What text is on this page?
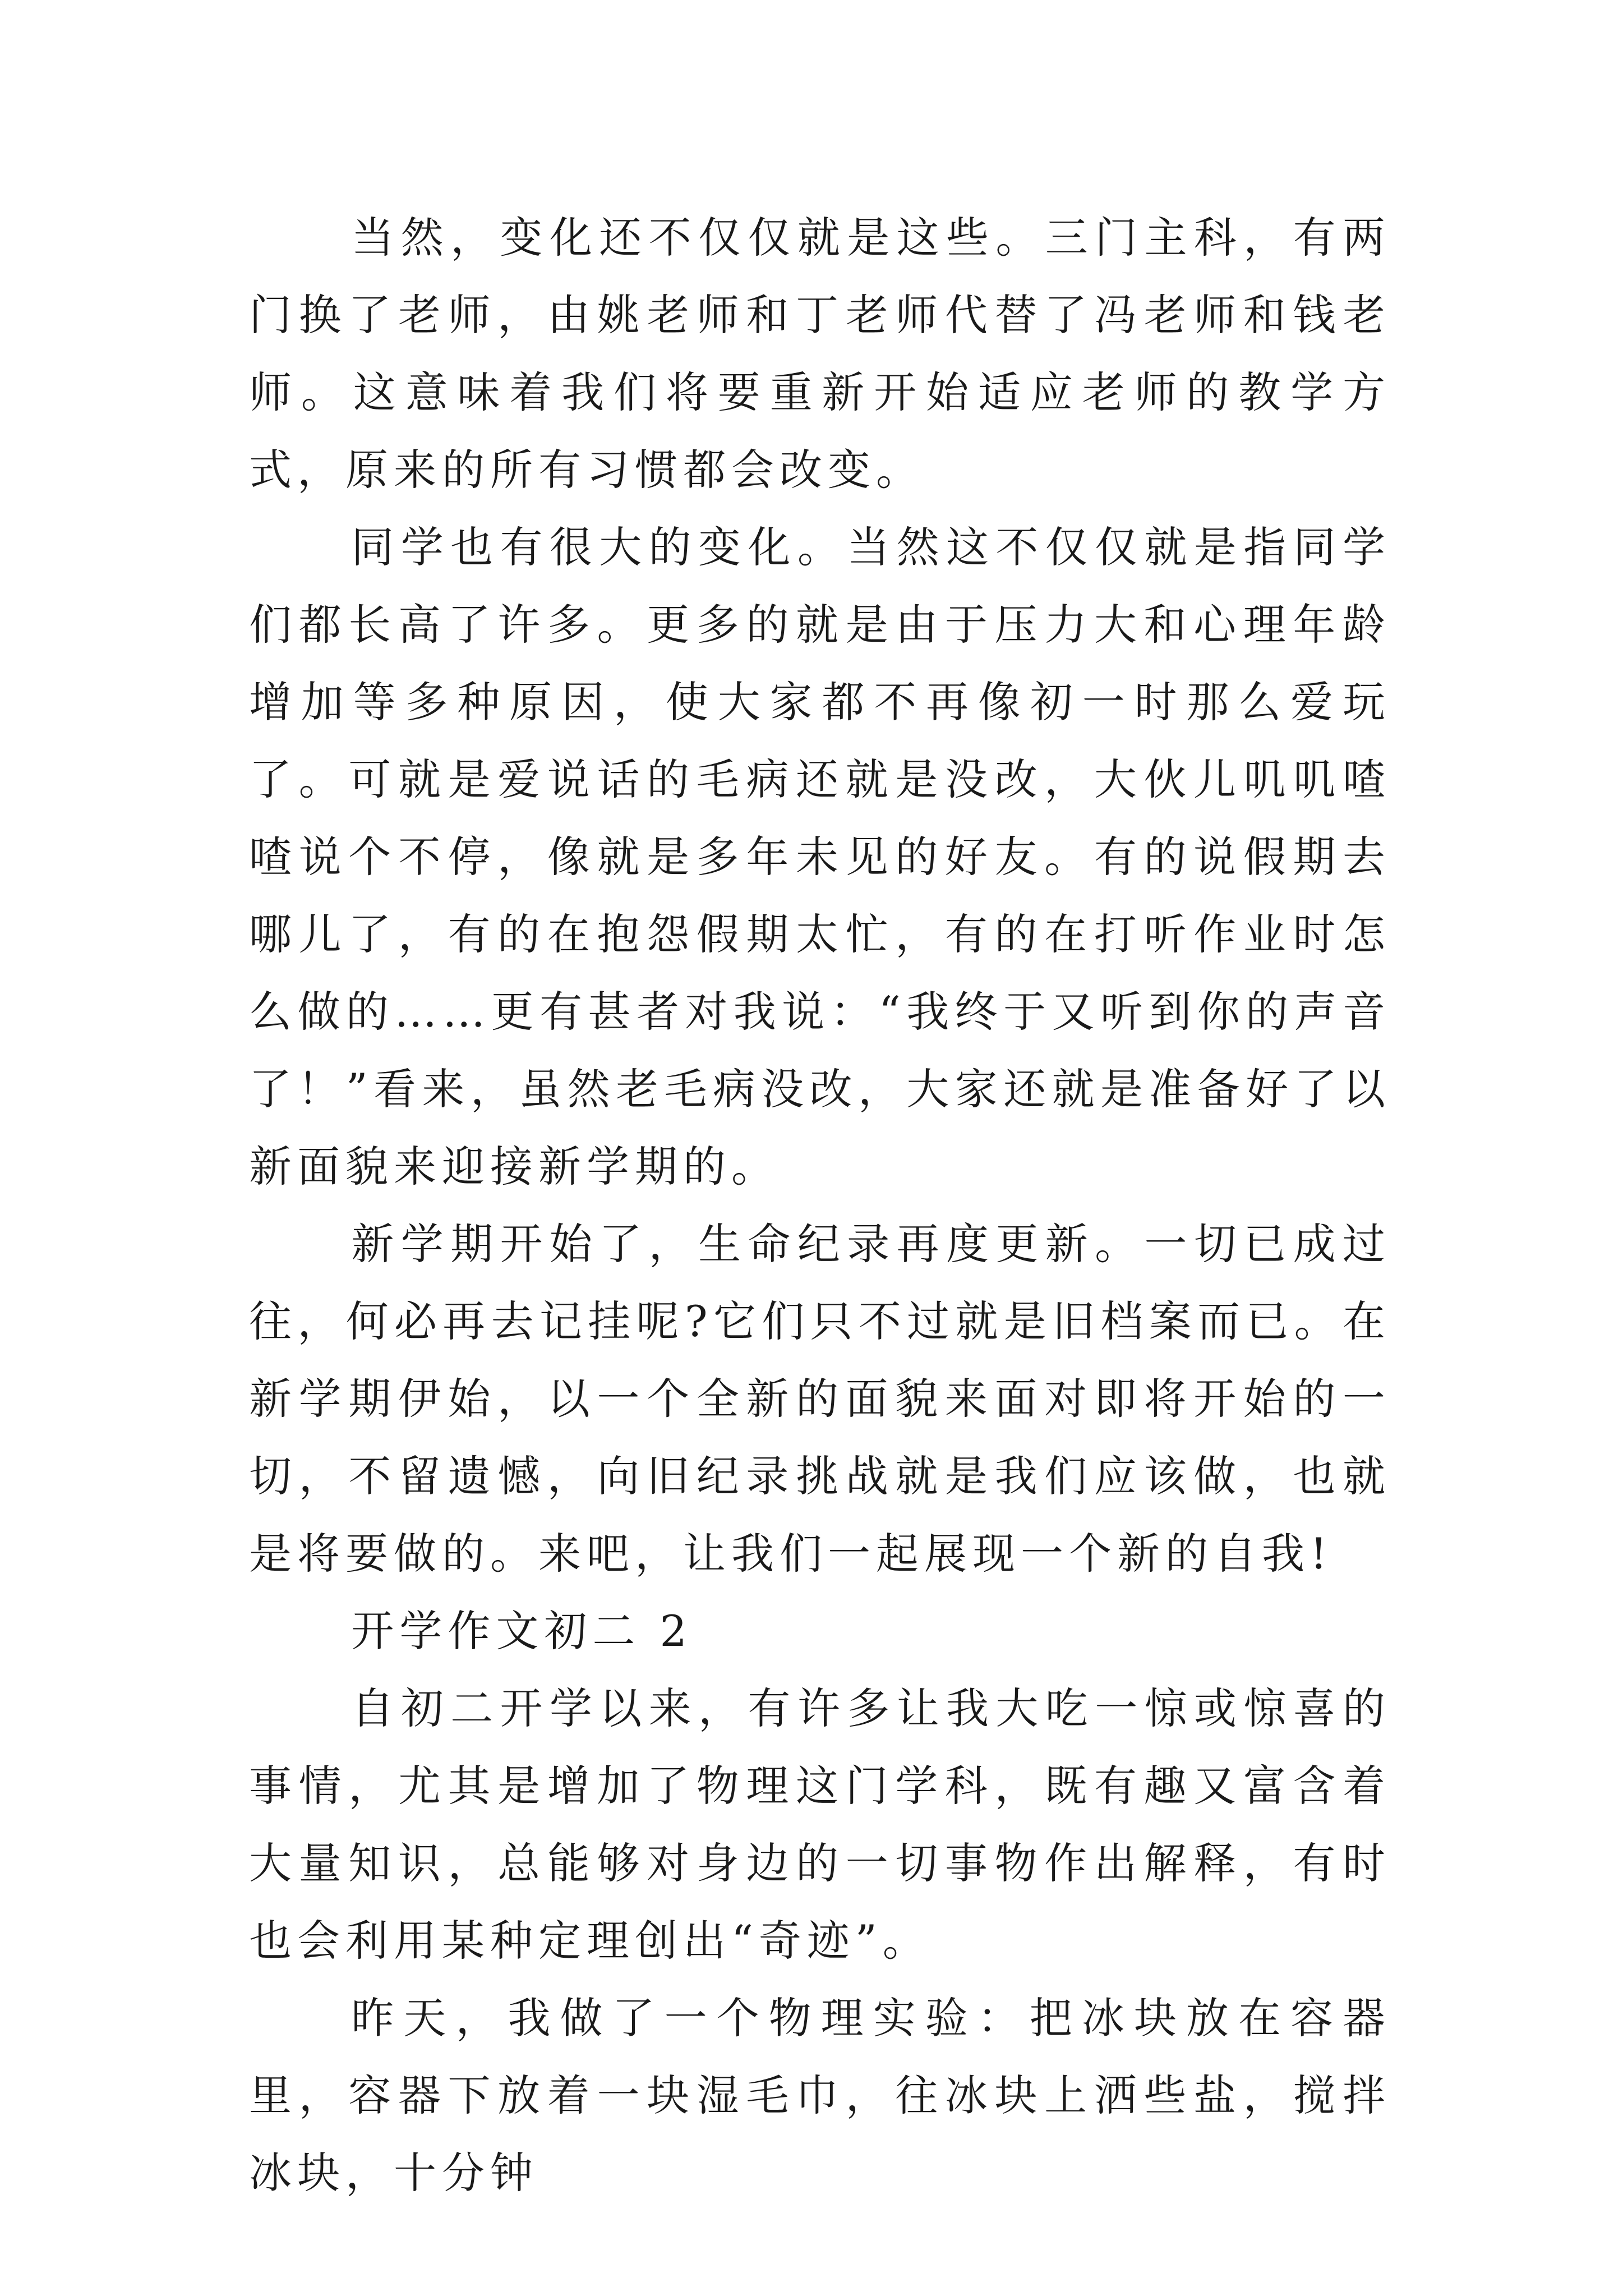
当然，变化还不仅仅就是这些。三门主科，有两门换了老师，由姚老师和丁老师代替了冯老师和钱老师。这意味着我们将要重新开始适应老师的教学方式，原来的所有习惯都会改变。

同学也有很大的变化。当然这不仅仅就是指同学们都长高了许多。更多的就是由于压力大和心理年龄增加等多种原因，使大家都不再像初一时那么爱玩了。可就是爱说话的毛病还就是没改，大伙儿叽叽喳喳说个不停，像就是多年未见的好友。有的说假期去哪儿了，有的在抱怨假期太忙，有的在打听作业时怎么做的……更有甚者对我说：“我终于又听到你的声音了！”看来，虽然老毛病没改，大家还就是准备好了以新面貌来迎接新学期的。

新学期开始了，生命纪录再度更新。一切已成过往，何必再去记挂呢?它们只不过就是旧档案而已。在新学期伊始，以一个全新的面貌来面对即将开始的一切，不留遗憾，向旧纪录挑战就是我们应该做，也就是将要做的。来吧，让我们一起展现一个新的自我!

开学作文初二 2

自初二开学以来，有许多让我大吃一惊或惊喜的事情，尤其是增加了物理这门学科，既有趣又富含着大量知识，总能够对身边的一切事物作出解释，有时也会利用某种定理创出“奇迹”。

昨天，我做了一个物理实验：把冰块放在容器里，容器下放着一块湿毛巾，往冰块上洒些盐，搅拌冰块，十分钟
